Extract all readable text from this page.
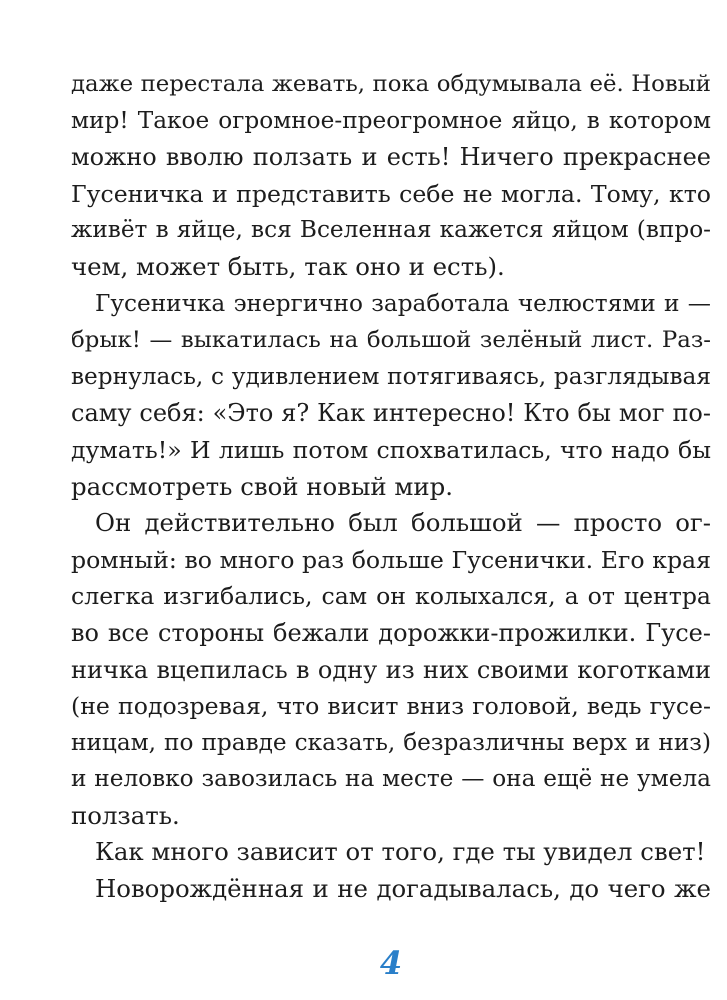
даже перестала жевать, пока обдумывала её. Новый
мир! Такое огромное-преогромное яйцо, в котором
можно вволю ползать и есть! Ничего прекраснее
Гусеничка и представить себе не могла. Тому, кто
живёт в яйце, вся Вселенная кажется яйцом (впро-
чем, может быть, так оно и есть).
Гусеничка энергично заработала челюстями и —
брык! — выкатилась на большой зелёный лист. Раз-
вернулась, с удивлением потягиваясь, разглядывая
саму себя: «Это я? Как интересно! Кто бы мог по-
думать!» И лишь потом спохватилась, что надо бы
рассмотреть свой новый мир.
Он действительно был большой — просто ог-
ромный: во много раз больше Гусенички. Его края
слегка изгибались, сам он колыхался, а от центра
во все стороны бежали дорожки-прожилки. Гусе-
ничка вцепилась в одну из них своими коготками
(не подозревая, что висит вниз головой, ведь гусе-
ницам, по правде сказать, безразличны верх и низ)
и неловко завозилась на месте — она ещё не умела
ползать.
Как много зависит от того, где ты увидел свет!
Новорождённая и не догадывалась, до чего же
4
